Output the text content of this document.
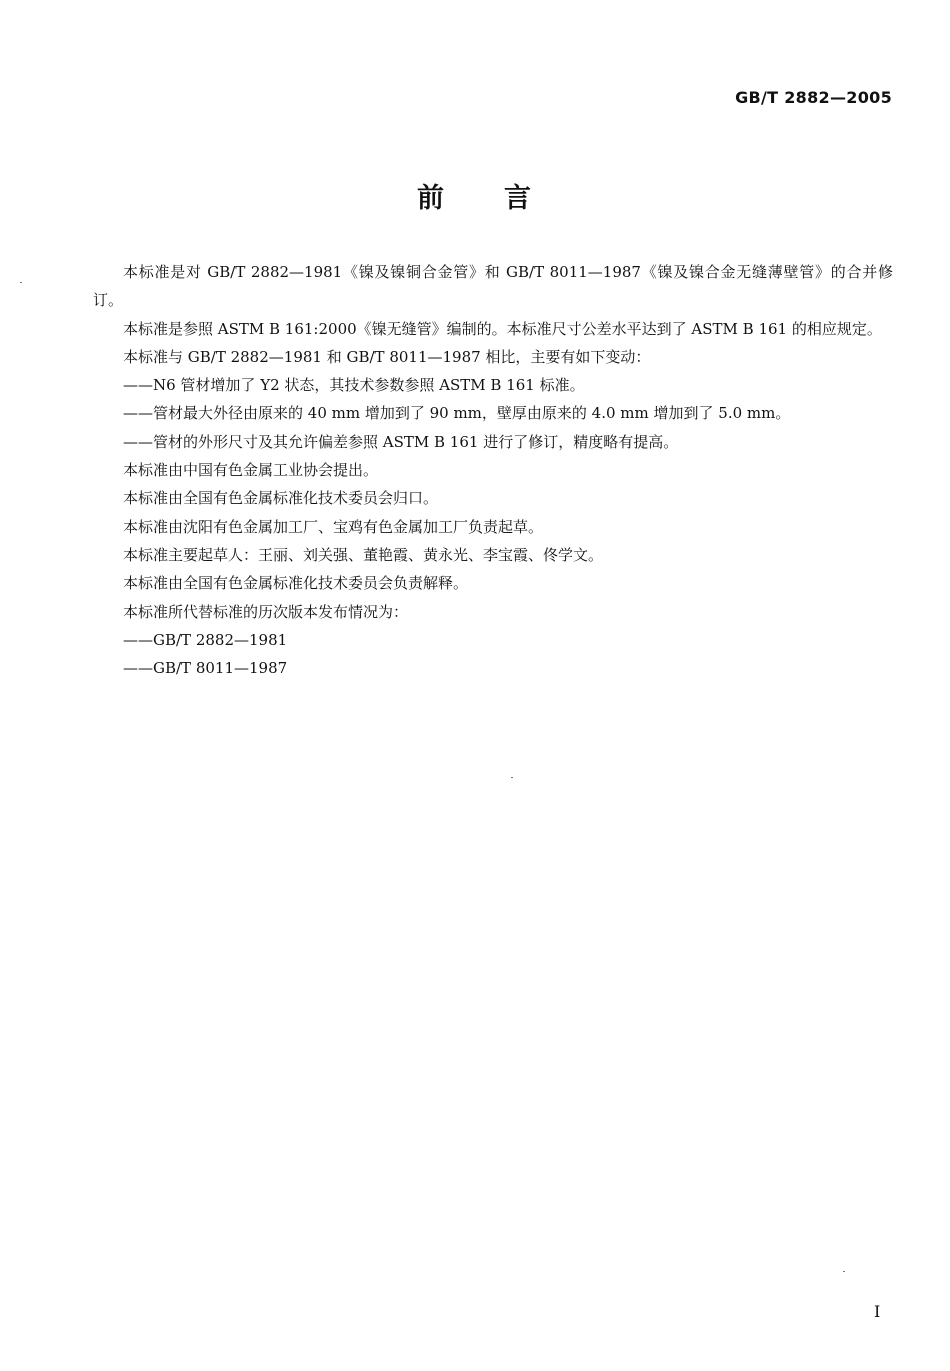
GB/T 2882—2005
前　　言

本标准是对 GB/T 2882—1981《镍及镍铜合金管》和 GB/T 8011—1987《镍及镍合金无缝薄壁管》的合并修订。

本标准是参照 ASTM B 161:2000《镍无缝管》编制的。本标准尺寸公差水平达到了 ASTM B 161 的相应规定。

本标准与 GB/T 2882—1981 和 GB/T 8011—1987 相比，主要有如下变动：

——N6 管材增加了 Y2 状态，其技术参数参照 ASTM B 161 标准。

——管材最大外径由原来的 40 mm 增加到了 90 mm，壁厚由原来的 4.0 mm 增加到了 5.0 mm。

——管材的外形尺寸及其允许偏差参照 ASTM B 161 进行了修订，精度略有提高。

本标准由中国有色金属工业协会提出。

本标准由全国有色金属标准化技术委员会归口。

本标准由沈阳有色金属加工厂、宝鸡有色金属加工厂负责起草。

本标准主要起草人：王丽、刘关强、董艳霞、黄永光、李宝霞、佟学文。

本标准由全国有色金属标准化技术委员会负责解释。

本标准所代替标准的历次版本发布情况为：

——GB/T 2882—1981

——GB/T 8011—1987

I
